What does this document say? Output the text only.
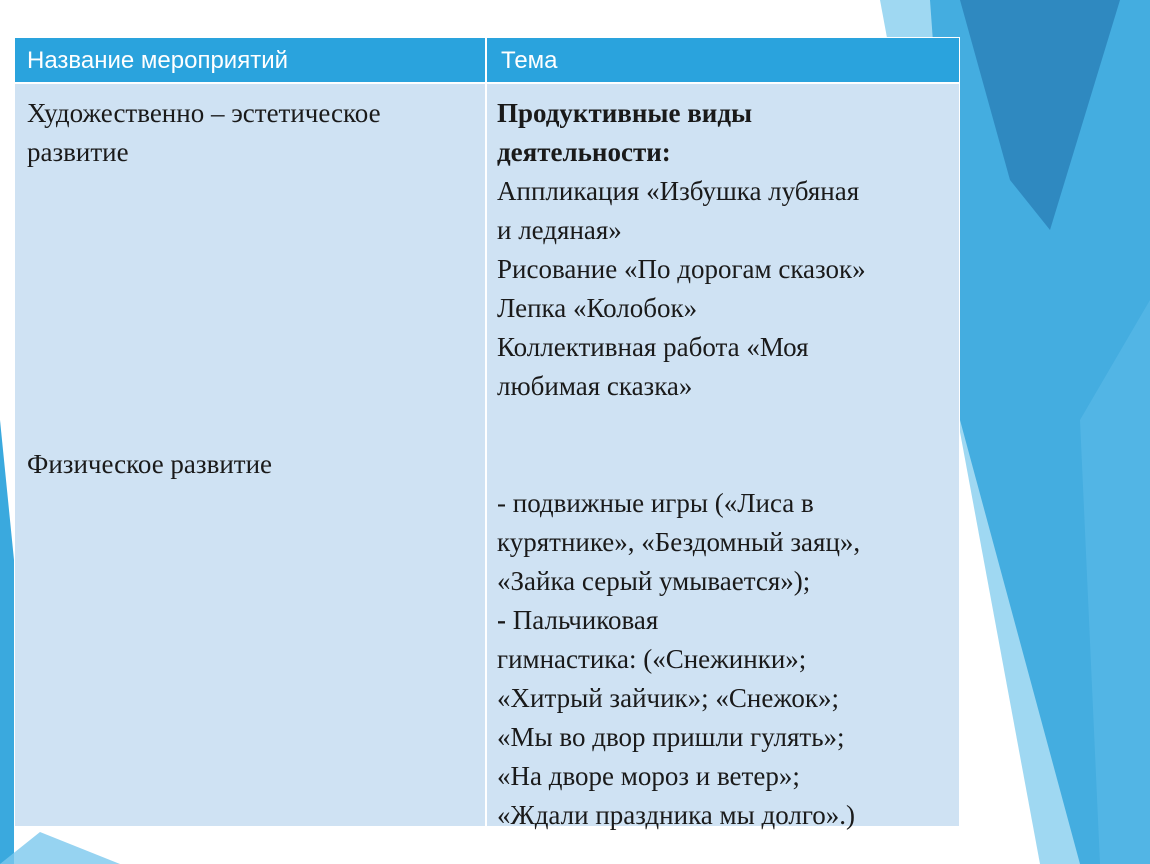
Название мероприятий	Тема
Художественно – эстетическое
развитие
Физическое развитие
Продуктивные виды
деятельности:
Аппликация «Избушка лубяная
и ледяная»
Рисование «По дорогам сказок»
Лепка «Колобок»
Коллективная работа «Моя
любимая сказка»
- подвижные игры («Лиса в
курятнике», «Бездомный заяц»,
«Зайка серый умывается»);
- Пальчиковая
гимнастика: («Снежинки»;
«Хитрый зайчик»; «Снежок»;
«Мы во двор пришли гулять»;
«На дворе мороз и ветер»;
«Ждали праздника мы долго».)
